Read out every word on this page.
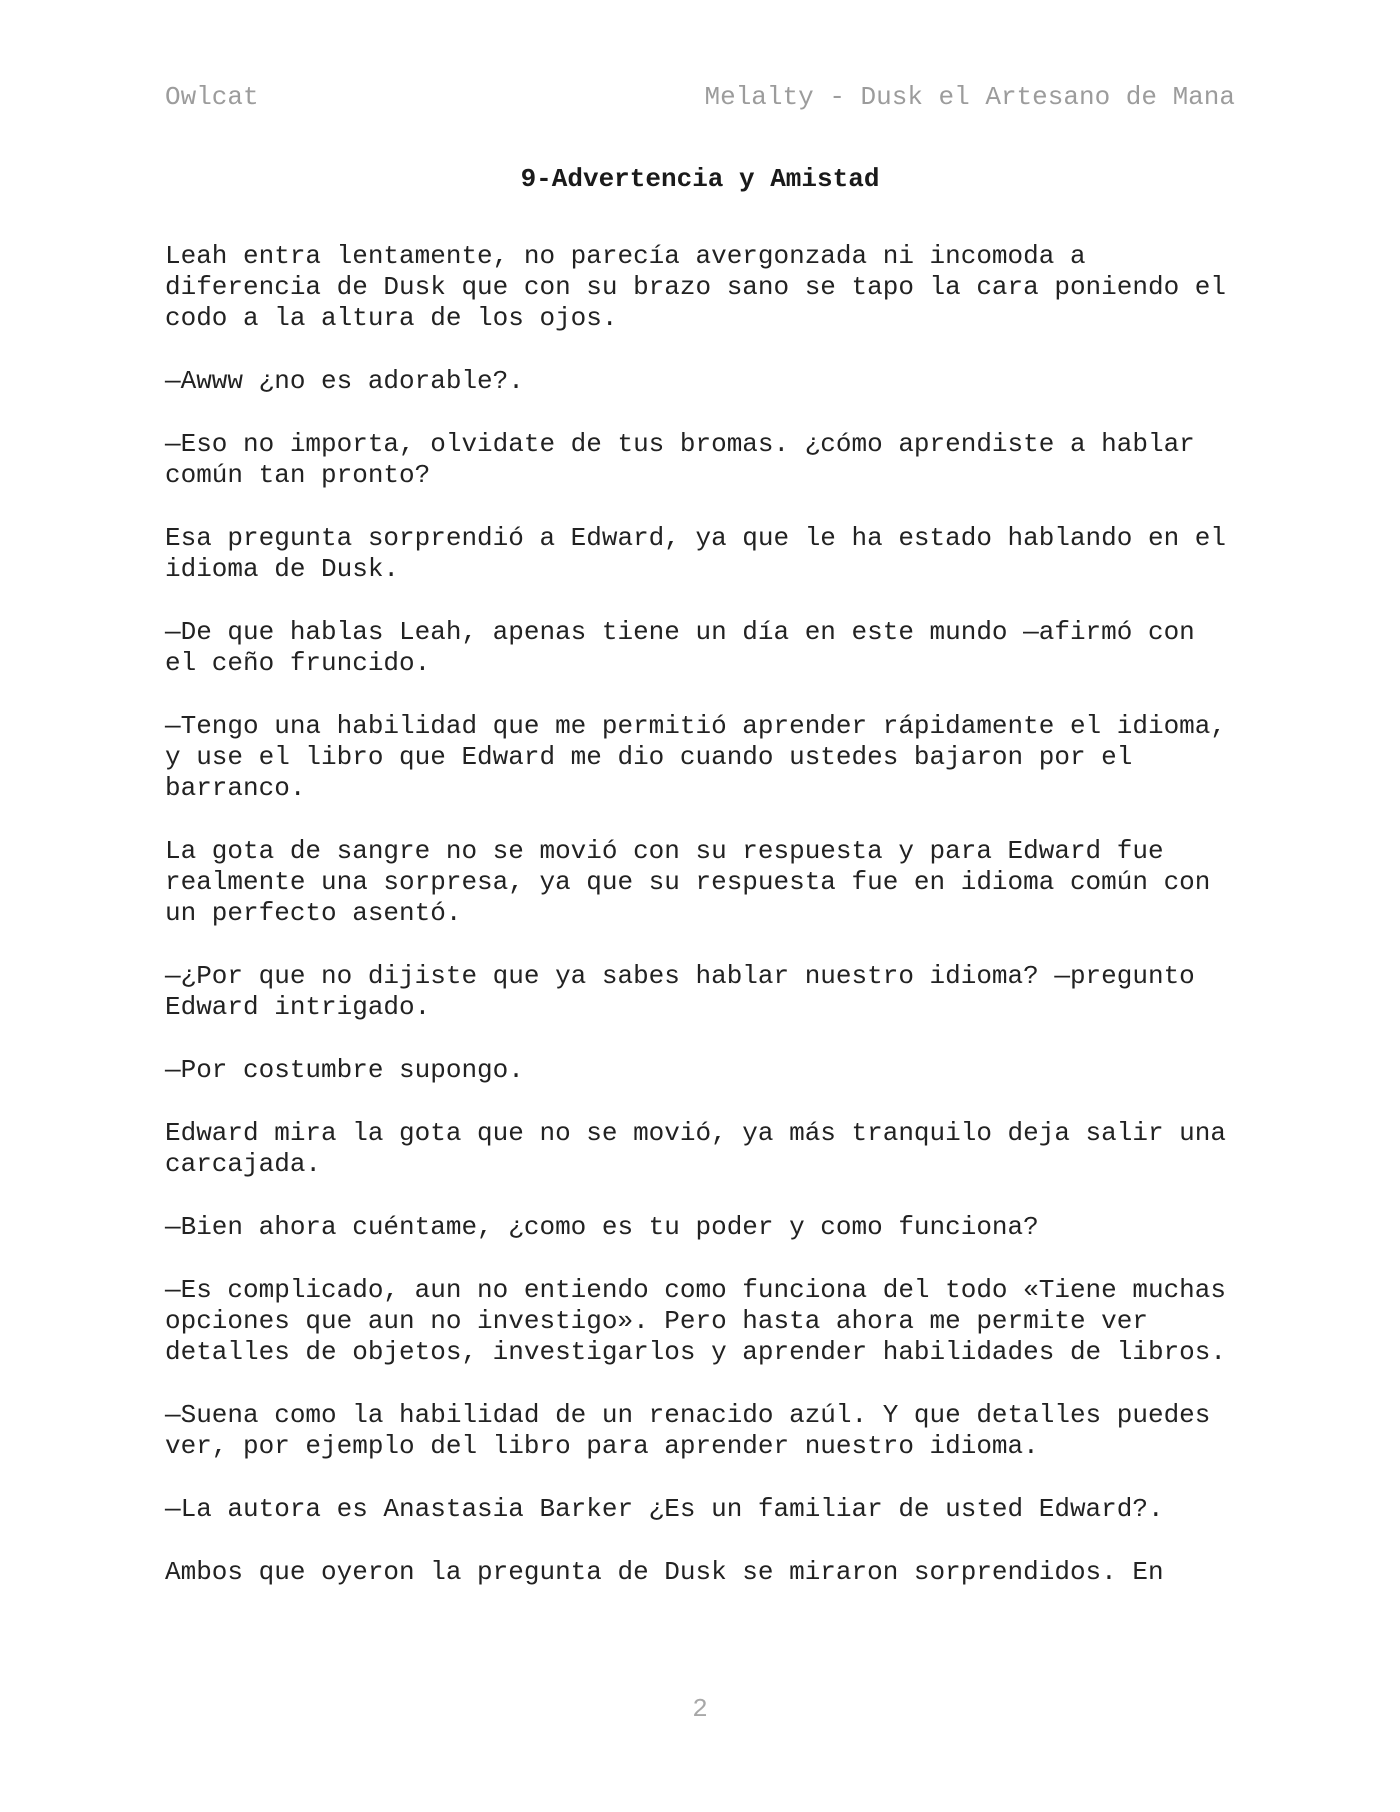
Owlcat	Melalty - Dusk el Artesano de Mana
9-Advertencia y Amistad

Leah entra lentamente, no parecía avergonzada ni incomoda a diferencia de Dusk que con su brazo sano se tapo la cara poniendo el codo a la altura de los ojos.

—Awww ¿no es adorable?.

—Eso no importa, olvidate de tus bromas. ¿cómo aprendiste a hablar común tan pronto?

Esa pregunta sorprendió a Edward, ya que le ha estado hablando en el idioma de Dusk.

—De que hablas Leah, apenas tiene un día en este mundo —afirmó con el ceño fruncido.

—Tengo una habilidad que me permitió aprender rápidamente el idioma,  y use el libro que Edward me dio cuando ustedes bajaron por el barranco.

La gota de sangre no se movió con su respuesta y para Edward fue realmente una sorpresa, ya que su respuesta fue en idioma común con un perfecto asentó.

—¿Por que no dijiste que ya sabes hablar nuestro idioma? —pregunto Edward intrigado.

—Por costumbre supongo.

Edward mira la gota que no se movió, ya más tranquilo deja salir una carcajada.

—Bien ahora cuéntame, ¿como es tu poder y como funciona?

—Es complicado, aun no entiendo como funciona del todo «Tiene muchas opciones que aun no investigo». Pero hasta ahora me permite ver detalles de objetos, investigarlos y aprender habilidades de libros.

—Suena como la habilidad de un renacido azúl. Y que detalles puedes ver, por ejemplo del libro para aprender nuestro idioma.

—La autora es Anastasia Barker ¿Es un familiar de usted Edward?.

Ambos que oyeron la pregunta de Dusk se miraron sorprendidos. En

2
